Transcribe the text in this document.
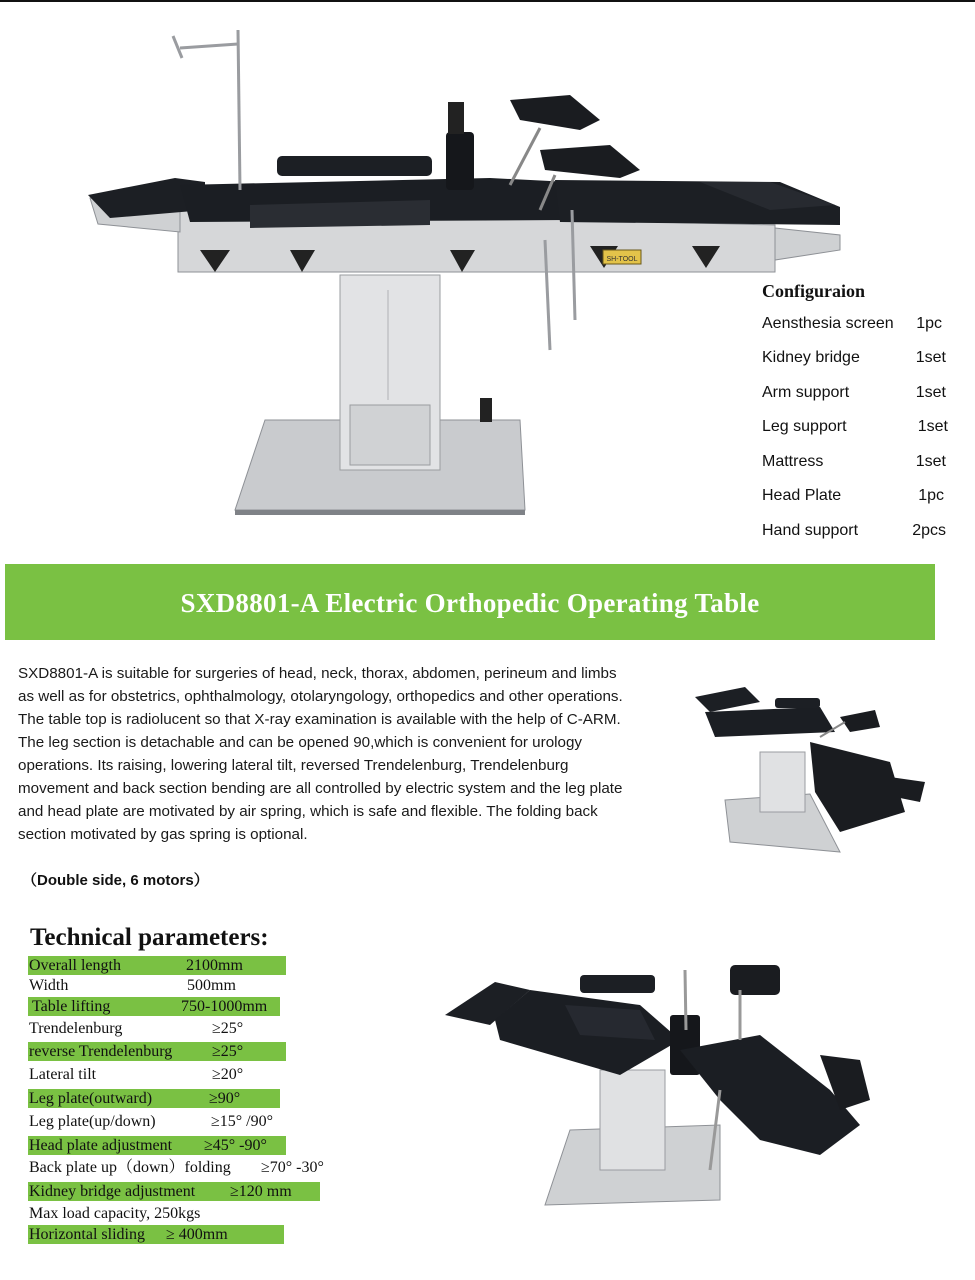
SH-TOOL
Configuraion
Aensthesia screen 1pc
Kidney bridge	1set
Arm support	1set
Leg support	1set
Mattress	1set
Head Plate	1pc
Hand support	2pcs
SXD8801-A Electric Orthopedic Operating Table
SXD8801-A is suitable for surgeries of head, neck, thorax, abdomen, perineum and limbs as well as for obstetrics, ophthalmology, otolaryngology, orthopedics and other operations. The table top is radiolucent so that X-ray examination is available with the help of C-ARM. The leg section is detachable and can be opened 90,which is convenient for urology operations. Its raising, lowering lateral tilt, reversed Trendelenburg, Trendelenburg movement and back section bending are all controlled by electric system and the leg plate and head plate are motivated by air spring, which is safe and flexible. The folding back section motivated by gas spring is optional.
（Double side, 6 motors）
Technical parameters:
Overall length	2100mm
Width	500mm
Table lifting	750-1000mm
Trendelenburg	≥25°
reverse Trendelenburg ≥25°
Lateral tilt	≥20°
Leg plate(outward)	≥90°
Leg plate(up/down)	≥15° /90°
Head plate adjustment ≥45° -90°
Back plate up（down）folding ≥70° -30°
Kidney bridge adjustment ≥120 mm
Max load capacity, 250kgs
Horizontal sliding ≥ 400mm
